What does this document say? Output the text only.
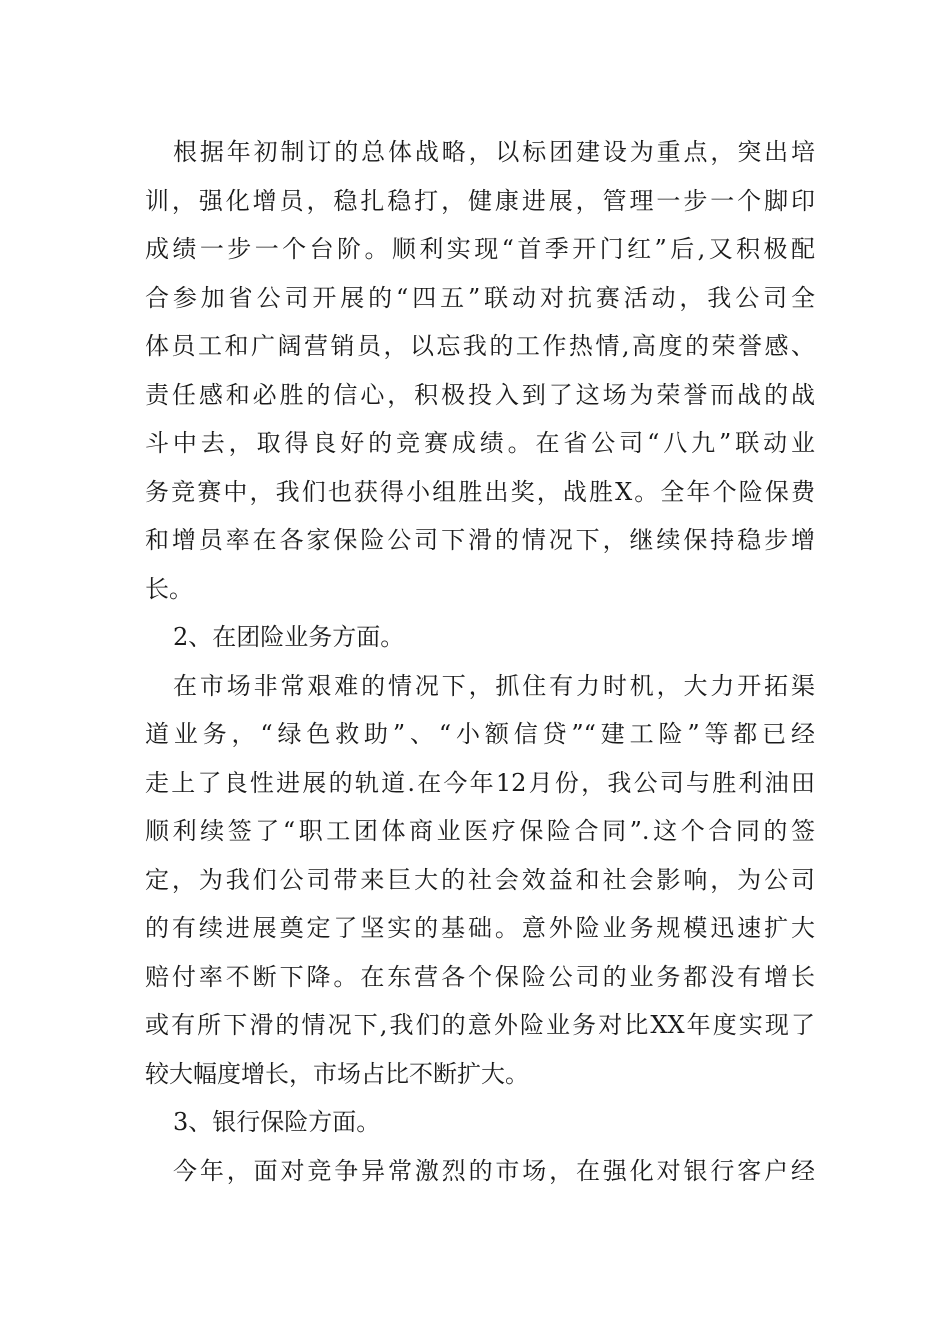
根据年初制订的总体战略，以标团建设为重点，突出培
训，强化增员，稳扎稳打，健康进展，管理一步一个脚印
成绩一步一个台阶。顺利实现“首季开门红”后,又积极配
合参加省公司开展的“四五”联动对抗赛活动，我公司全
体员工和广阔营销员，以忘我的工作热情,高度的荣誉感、
责任感和必胜的信心，积极投入到了这场为荣誉而战的战
斗中去，取得良好的竞赛成绩。在省公司“八九”联动业
务竞赛中，我们也获得小组胜出奖，战胜X。全年个险保费
和增员率在各家保险公司下滑的情况下，继续保持稳步增
长。
2、在团险业务方面。
在市场非常艰难的情况下，抓住有力时机，大力开拓渠
道业务，“绿色救助”、“小额信贷”“建工险”等都已经
走上了良性进展的轨道.在今年12月份，我公司与胜利油田
顺利续签了“职工团体商业医疗保险合同”.这个合同的签
定，为我们公司带来巨大的社会效益和社会影响，为公司
的有续进展奠定了坚实的基础。意外险业务规模迅速扩大
赔付率不断下降。在东营各个保险公司的业务都没有增长
或有所下滑的情况下,我们的意外险业务对比XX年度实现了
较大幅度增长，市场占比不断扩大。
3、银行保险方面。
今年，面对竞争异常激烈的市场，在强化对银行客户经
